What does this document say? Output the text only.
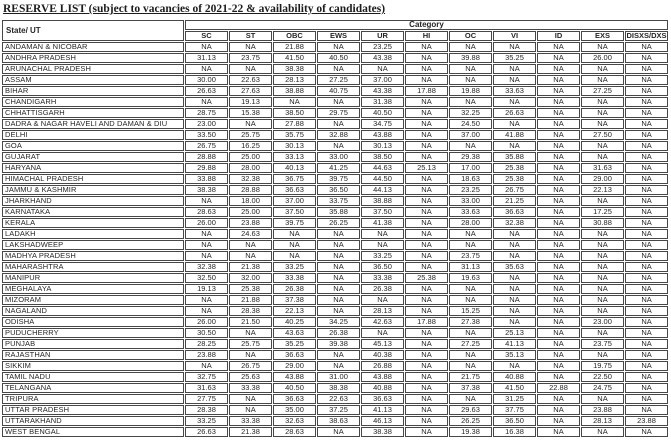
RESERVE LIST (subject to vacancies of 2021-22 & availability of candidates)
State/ UT	Category										
	SC	ST	OBC	EWS	UR	HI	OC	VI	ID	EXS	DISXS/DXS
ANDAMAN & NICOBAR	NA	NA	21.88	NA	23.25	NA	NA	NA	NA	NA	NA
ANDHRA PRADESH	31.13	23.75	41.50	40.50	43.38	NA	39.88	35.25	NA	26.00	NA
ARUNACHAL PRADESH	NA	NA	38.38	NA	NA	NA	NA	NA	NA	NA	NA
ASSAM	30.00	22.63	28.13	27.25	37.00	NA	NA	NA	NA	NA	NA
BIHAR	26.63	27.63	38.88	40.75	43.38	17.88	19.88	33.63	NA	27.25	NA
CHANDIGARH	NA	19.13	NA	NA	31.38	NA	NA	NA	NA	NA	NA
CHHATTISGARH	28.75	15.38	38.50	29.75	40.50	NA	32.25	26.63	NA	NA	NA
DADRA & NAGAR HAVELI AND DAMAN & DIU	23.00	NA	27.88	NA	34.75	NA	24.50	NA	NA	NA	NA
DELHI	33.50	25.75	35.75	32.88	43.88	NA	37.00	41.88	NA	27.50	NA
GOA	26.75	16.25	30.13	NA	30.13	NA	NA	NA	NA	NA	NA
GUJARAT	28.88	25.00	33.13	33.00	38.50	NA	29.38	35.88	NA	NA	NA
HARYANA	29.88	28.00	40.13	41.25	44.63	25.13	17.00	25.38	NA	31.63	NA
HIMACHAL PRADESH	33.88	32.38	36.75	39.75	44.50	NA	18.63	25.38	NA	29.00	NA
JAMMU & KASHMIR	38.38	28.88	36.63	36.50	44.13	NA	23.25	26.75	NA	22.13	NA
JHARKHAND	NA	18.00	37.00	33.75	38.88	NA	33.00	21.25	NA	NA	NA
KARNATAKA	28.63	25.00	37.50	35.88	37.50	NA	33.63	36.63	NA	17.25	NA
KERALA	26.00	23.88	39.75	26.25	41.38	NA	28.00	32.38	NA	30.88	NA
LADAKH	NA	24.63	NA	NA	NA	NA	NA	NA	NA	NA	NA
LAKSHADWEEP	NA	NA	NA	NA	NA	NA	NA	NA	NA	NA	NA
MADHYA PRADESH	NA	NA	NA	NA	33.25	NA	23.75	NA	NA	NA	NA
MAHARASHTRA	32.38	21.38	33.25	NA	36.50	NA	31.13	35.63	NA	NA	NA
MANIPUR	32.50	32.00	33.38	NA	33.38	25.38	19.63	NA	NA	NA	NA
MEGHALAYA	19.13	25.38	26.38	NA	26.38	NA	NA	NA	NA	NA	NA
MIZORAM	NA	21.88	37.38	NA	NA	NA	NA	NA	NA	NA	NA
NAGALAND	NA	28.38	22.13	NA	28.13	NA	15.25	NA	NA	NA	NA
ODISHA	26.00	21.50	40.25	34.25	42.63	17.88	27.38	NA	NA	23.00	NA
PUDUCHERRY	30.50	NA	43.63	26.38	NA	NA	NA	25.13	NA	NA	NA
PUNJAB	28.25	25.75	35.25	39.38	45.13	NA	27.25	41.13	NA	23.75	NA
RAJASTHAN	23.88	NA	36.63	NA	40.38	NA	NA	35.13	NA	NA	NA
SIKKIM	NA	26.75	29.00	NA	26.88	NA	NA	NA	NA	19.75	NA
TAMIL NADU	32.75	25.63	43.88	31.00	43.88	NA	21.75	40.88	NA	22.50	NA
TELANGANA	31.63	33.38	40.50	38.38	40.88	NA	37.38	41.50	22.88	24.75	NA
TRIPURA	27.75	NA	36.63	22.63	36.63	NA	NA	31.25	NA	NA	NA
UTTAR PRADESH	28.38	NA	35.00	37.25	41.13	NA	29.63	37.75	NA	23.88	NA
UTTARAKHAND	33.25	33.38	32.63	38.63	46.13	NA	26.25	36.50	NA	28.13	23.88
WEST BENGAL	26.63	21.38	28.63	NA	38.38	NA	19.38	16.38	NA	NA	NA
